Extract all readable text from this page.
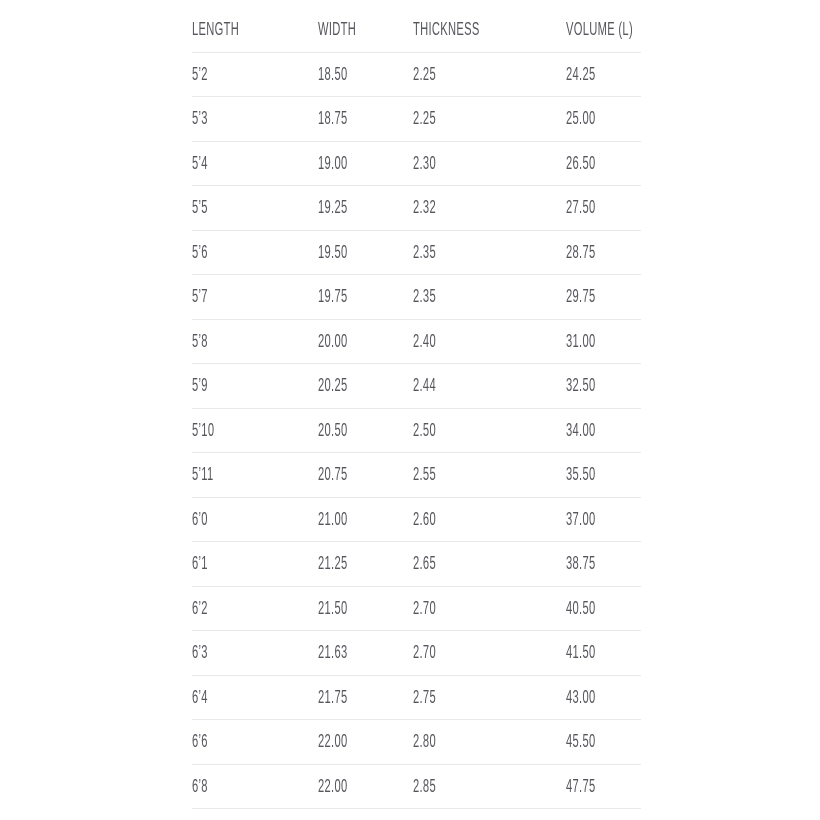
LENGTH	WIDTH	THICKNESS	VOLUME (L)
5’2	18.50	2.25	24.25
5’3	18.75	2.25	25.00
5’4	19.00	2.30	26.50
5’5	19.25	2.32	27.50
5’6	19.50	2.35	28.75
5’7	19.75	2.35	29.75
5’8	20.00	2.40	31.00
5’9	20.25	2.44	32.50
5’10	20.50	2.50	34.00
5’11	20.75	2.55	35.50
6’0	21.00	2.60	37.00
6’1	21.25	2.65	38.75
6’2	21.50	2.70	40.50
6’3	21.63	2.70	41.50
6’4	21.75	2.75	43.00
6’6	22.00	2.80	45.50
6’8	22.00	2.85	47.75
